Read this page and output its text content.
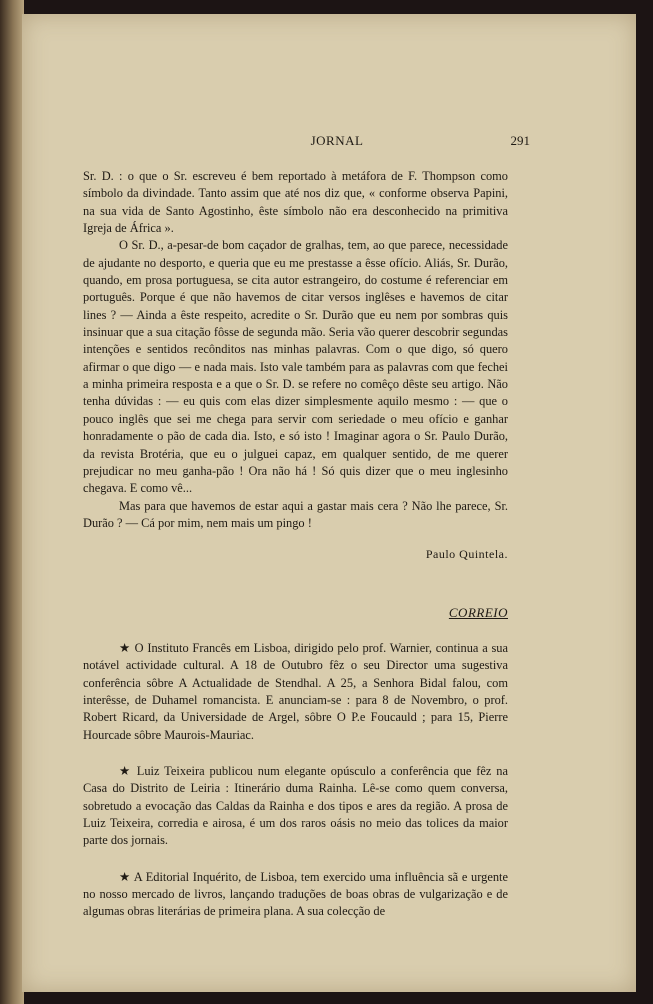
JORNAL	291

Sr. D. : o que o Sr. escreveu é bem reportado à metáfora de F. Thompson como símbolo da divindade. Tanto assim que até nos diz que, « conforme observa Papini, na sua vida de Santo Agostinho, êste símbolo não era desconhecido na primitiva Igreja de África ».

O Sr. D., a-pesar-de bom caçador de gralhas, tem, ao que parece, necessidade de ajudante no desporto, e queria que eu me prestasse a êsse ofício. Aliás, Sr. Durão, quando, em prosa portuguesa, se cita autor estrangeiro, do costume é referenciar em português. Porque é que não havemos de citar versos inglêses e havemos de citar lines ? — Ainda a êste respeito, acredite o Sr. Durão que eu nem por sombras quis insinuar que a sua citação fôsse de segunda mão. Seria vão querer descobrir segundas intenções e sentidos recônditos nas minhas palavras. Com o que digo, só quero afirmar o que digo — e nada mais. Isto vale também para as palavras com que fechei a minha primeira resposta e a que o Sr. D. se refere no comêço dêste seu artigo. Não tenha dúvidas : — eu quis com elas dizer simplesmente aquilo mesmo : — que o pouco inglês que sei me chega para servir com seriedade o meu ofício e ganhar honradamente o pão de cada dia. Isto, e só isto ! Imaginar agora o Sr. Paulo Durão, da revista Brotéria, que eu o julguei capaz, em qualquer sentido, de me querer prejudicar no meu ganha-pão ! Ora não há ! Só quis dizer que o meu inglesinho chegava. E como vê...

Mas para que havemos de estar aqui a gastar mais cera ? Não lhe parece, Sr. Durão ? — Cá por mim, nem mais um pingo !

Paulo Quintela.

CORREIO

★ O Instituto Francês em Lisboa, dirigido pelo prof. Warnier, continua a sua notável actividade cultural. A 18 de Outubro fêz o seu Director uma sugestiva conferência sôbre A Actualidade de Stendhal. A 25, a Senhora Bidal falou, com interêsse, de Duhamel romancista. E anunciam-se : para 8 de Novembro, o prof. Robert Ricard, da Universidade de Argel, sôbre O P.e Foucauld ; para 15, Pierre Hourcade sôbre Maurois-Mauriac.

★ Luiz Teixeira publicou num elegante opúsculo a conferência que fêz na Casa do Distrito de Leiria : Itinerário duma Rainha. Lê-se como quem conversa, sobretudo a evocação das Caldas da Rainha e dos tipos e ares da região. A prosa de Luiz Teixeira, corredia e airosa, é um dos raros oásis no meio das tolices da maior parte dos jornais.

★ A Editorial Inquérito, de Lisboa, tem exercido uma influência sã e urgente no nosso mercado de livros, lançando traduções de boas obras de vulgarização e de algumas obras literárias de primeira plana. A sua colecção de
